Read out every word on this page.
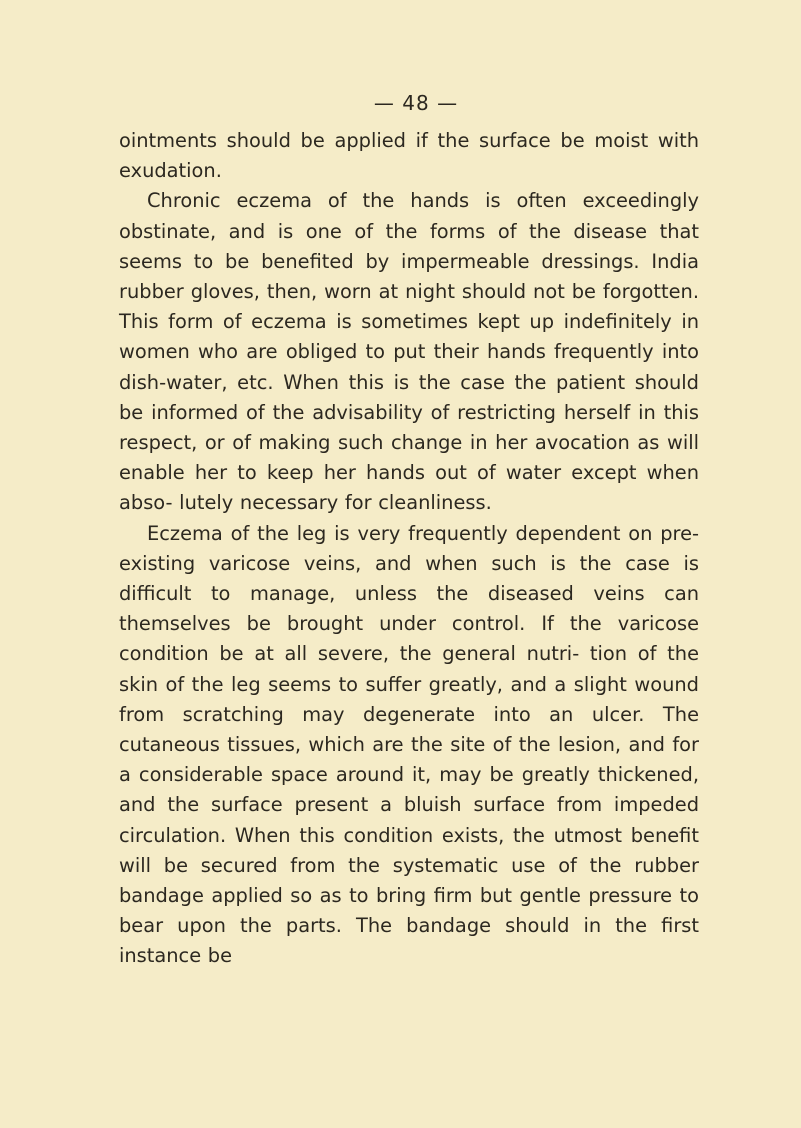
— 48 —

ointments should be applied if the surface be moist with exudation.

Chronic eczema of the hands is often exceedingly obstinate, and is one of the forms of the disease that seems to be benefited by impermeable dressings. India rubber gloves, then, worn at night should not be forgotten. This form of eczema is sometimes kept up indefinitely in women who are obliged to put their hands frequently into dish-water, etc. When this is the case the patient should be informed of the advisability of restricting herself in this respect, or of making such change in her avocation as will enable her to keep her hands out of water except when abso- lutely necessary for cleanliness.

Eczema of the leg is very frequently dependent on pre-existing varicose veins, and when such is the case is difficult to manage, unless the diseased veins can themselves be brought under control. If the varicose condition be at all severe, the general nutri- tion of the skin of the leg seems to suffer greatly, and a slight wound from scratching may degenerate into an ulcer. The cutaneous tissues, which are the site of the lesion, and for a considerable space around it, may be greatly thickened, and the surface present a bluish surface from impeded circulation. When this condition exists, the utmost benefit will be secured from the systematic use of the rubber bandage applied so as to bring firm but gentle pressure to bear upon the parts. The bandage should in the first instance be
